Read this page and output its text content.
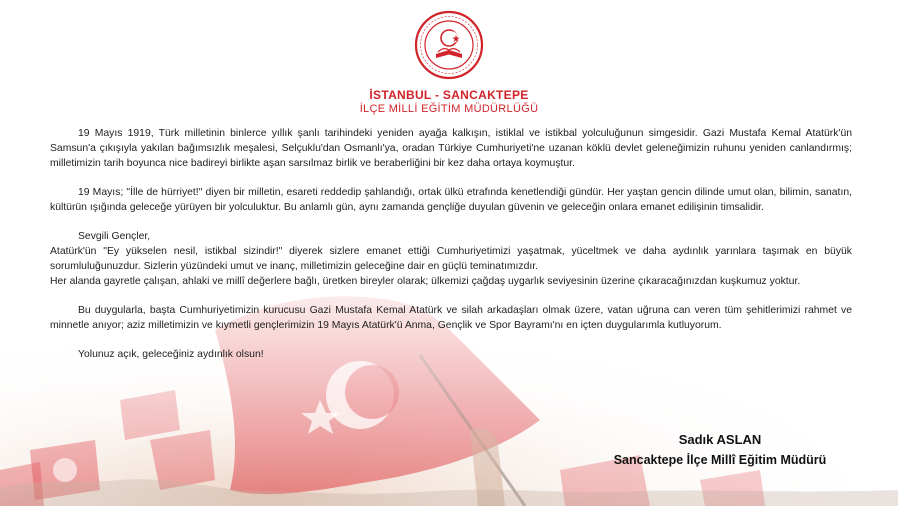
İSTANBUL - SANCAKTEPE
İLÇE MİLLİ EĞİTİM MÜDÜRLÜĞÜ

19 Mayıs 1919, Türk milletinin binlerce yıllık şanlı tarihindeki yeniden ayağa kalkışın, istiklal ve istikbal yolculuğunun simgesidir. Gazi Mustafa Kemal Atatürk'ün Samsun'a çıkışıyla yakılan bağımsızlık meşalesi, Selçuklu'dan Osmanlı'ya, oradan Türkiye Cumhuriyeti'ne uzanan köklü devlet geleneğimizin ruhunu yeniden canlandırmış; milletimizin tarih boyunca nice badireyi birlikte aşan sarsılmaz birlik ve beraberliğini bir kez daha ortaya koymuştur.

19 Mayıs; "İlle de hürriyet!" diyen bir milletin, esareti reddedip şahlandığı, ortak ülkü etrafında kenetlendiği gündür. Her yaştan gencin dilinde umut olan, bilimin, sanatın, kültürün ışığında geleceğe yürüyen bir yolculuktur. Bu anlamlı gün, aynı zamanda gençliğe duyulan güvenin ve geleceğin onlara emanet edilişinin timsalidir.

Sevgili Gençler,

Atatürk'ün "Ey yükselen nesil, istikbal sizindir!" diyerek sizlere emanet ettiği Cumhuriyetimizi yaşatmak, yüceltmek ve daha aydınlık yarınlara taşımak en büyük sorumluluğunuzdur. Sizlerin yüzündeki umut ve inanç, milletimizin geleceğine dair en güçlü teminatımızdır.

Her alanda gayretle çalışan, ahlaki ve millî değerlere bağlı, üretken bireyler olarak; ülkemizi çağdaş uygarlık seviyesinin üzerine çıkaracağınızdan kuşkumuz yoktur.

Bu duygularla, başta Cumhuriyetimizin kurucusu Gazi Mustafa Kemal Atatürk ve silah arkadaşları olmak üzere, vatan uğruna can veren tüm şehitlerimizi rahmet ve minnetle anıyor; aziz milletimizin ve kıymetli gençlerimizin 19 Mayıs Atatürk'ü Anma, Gençlik ve Spor Bayramı'nı en içten duygularımla kutluyorum.

Yolunuz açık, geleceğiniz aydınlık olsun!

Sadık ASLAN
Sancaktepe İlçe Millî Eğitim Müdürü
